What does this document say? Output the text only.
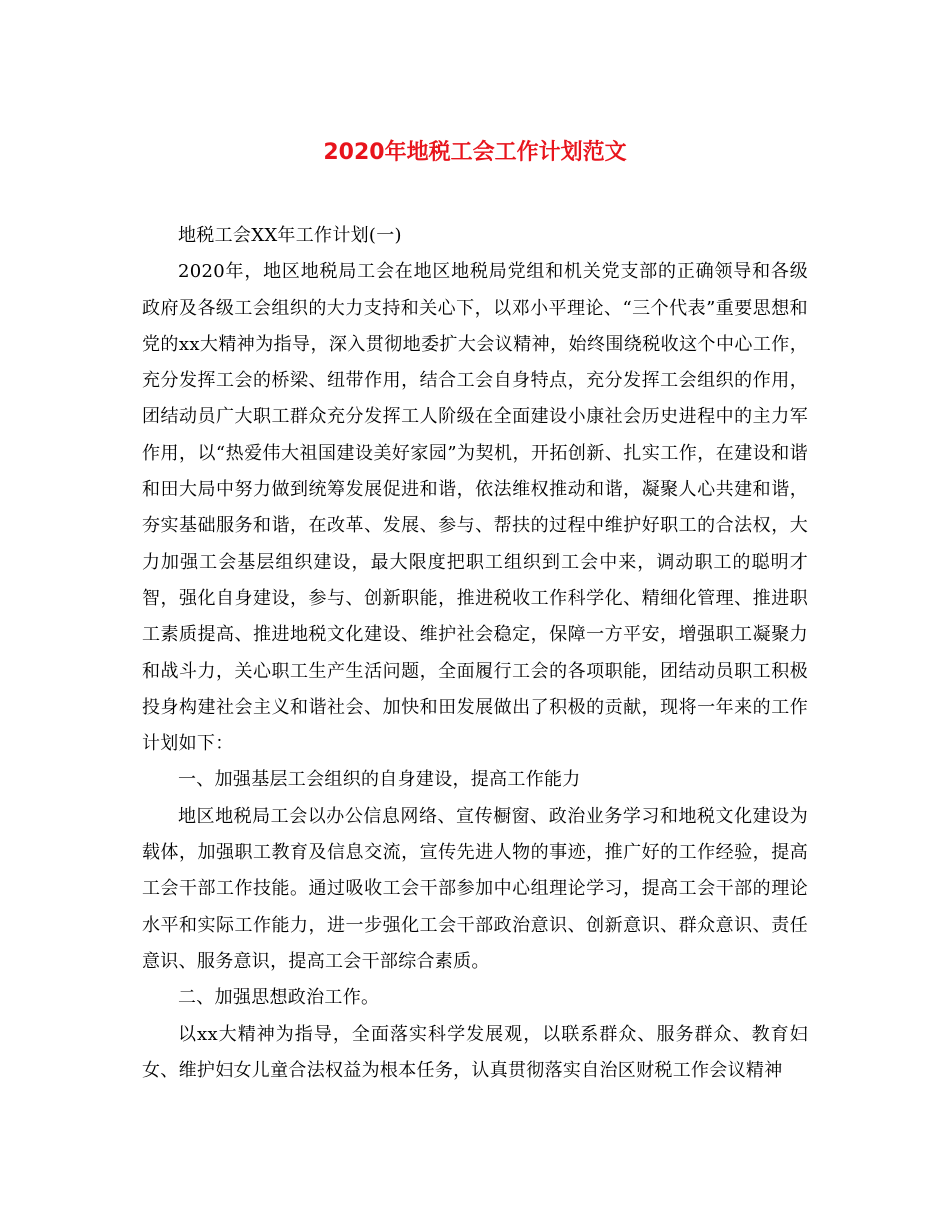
2020年地税工会工作计划范文

地税工会XX年工作计划(一)

2020年，地区地税局工会在地区地税局党组和机关党支部的正确领导和各级政府及各级工会组织的大力支持和关心下，以邓小平理论、“三个代表”重要思想和党的xx大精神为指导，深入贯彻地委扩大会议精神，始终围绕税收这个中心工作，充分发挥工会的桥梁、纽带作用，结合工会自身特点，充分发挥工会组织的作用，团结动员广大职工群众充分发挥工人阶级在全面建设小康社会历史进程中的主力军作用，以“热爱伟大祖国建设美好家园”为契机，开拓创新、扎实工作，在建设和谐和田大局中努力做到统筹发展促进和谐，依法维权推动和谐，凝聚人心共建和谐，夯实基础服务和谐，在改革、发展、参与、帮扶的过程中维护好职工的合法权，大力加强工会基层组织建设，最大限度把职工组织到工会中来，调动职工的聪明才智，强化自身建设，参与、创新职能，推进税收工作科学化、精细化管理、推进职工素质提高、推进地税文化建设、维护社会稳定，保障一方平安，增强职工凝聚力和战斗力，关心职工生产生活问题，全面履行工会的各项职能，团结动员职工积极投身构建社会主义和谐社会、加快和田发展做出了积极的贡献，现将一年来的工作计划如下：

一、加强基层工会组织的自身建设，提高工作能力

地区地税局工会以办公信息网络、宣传橱窗、政治业务学习和地税文化建设为载体，加强职工教育及信息交流，宣传先进人物的事迹，推广好的工作经验，提高工会干部工作技能。通过吸收工会干部参加中心组理论学习，提高工会干部的理论水平和实际工作能力，进一步强化工会干部政治意识、创新意识、群众意识、责任意识、服务意识，提高工会干部综合素质。

二、加强思想政治工作。

以xx大精神为指导，全面落实科学发展观，以联系群众、服务群众、教育妇女、维护妇女儿童合法权益为根本任务，认真贯彻落实自治区财税工作会议精神
